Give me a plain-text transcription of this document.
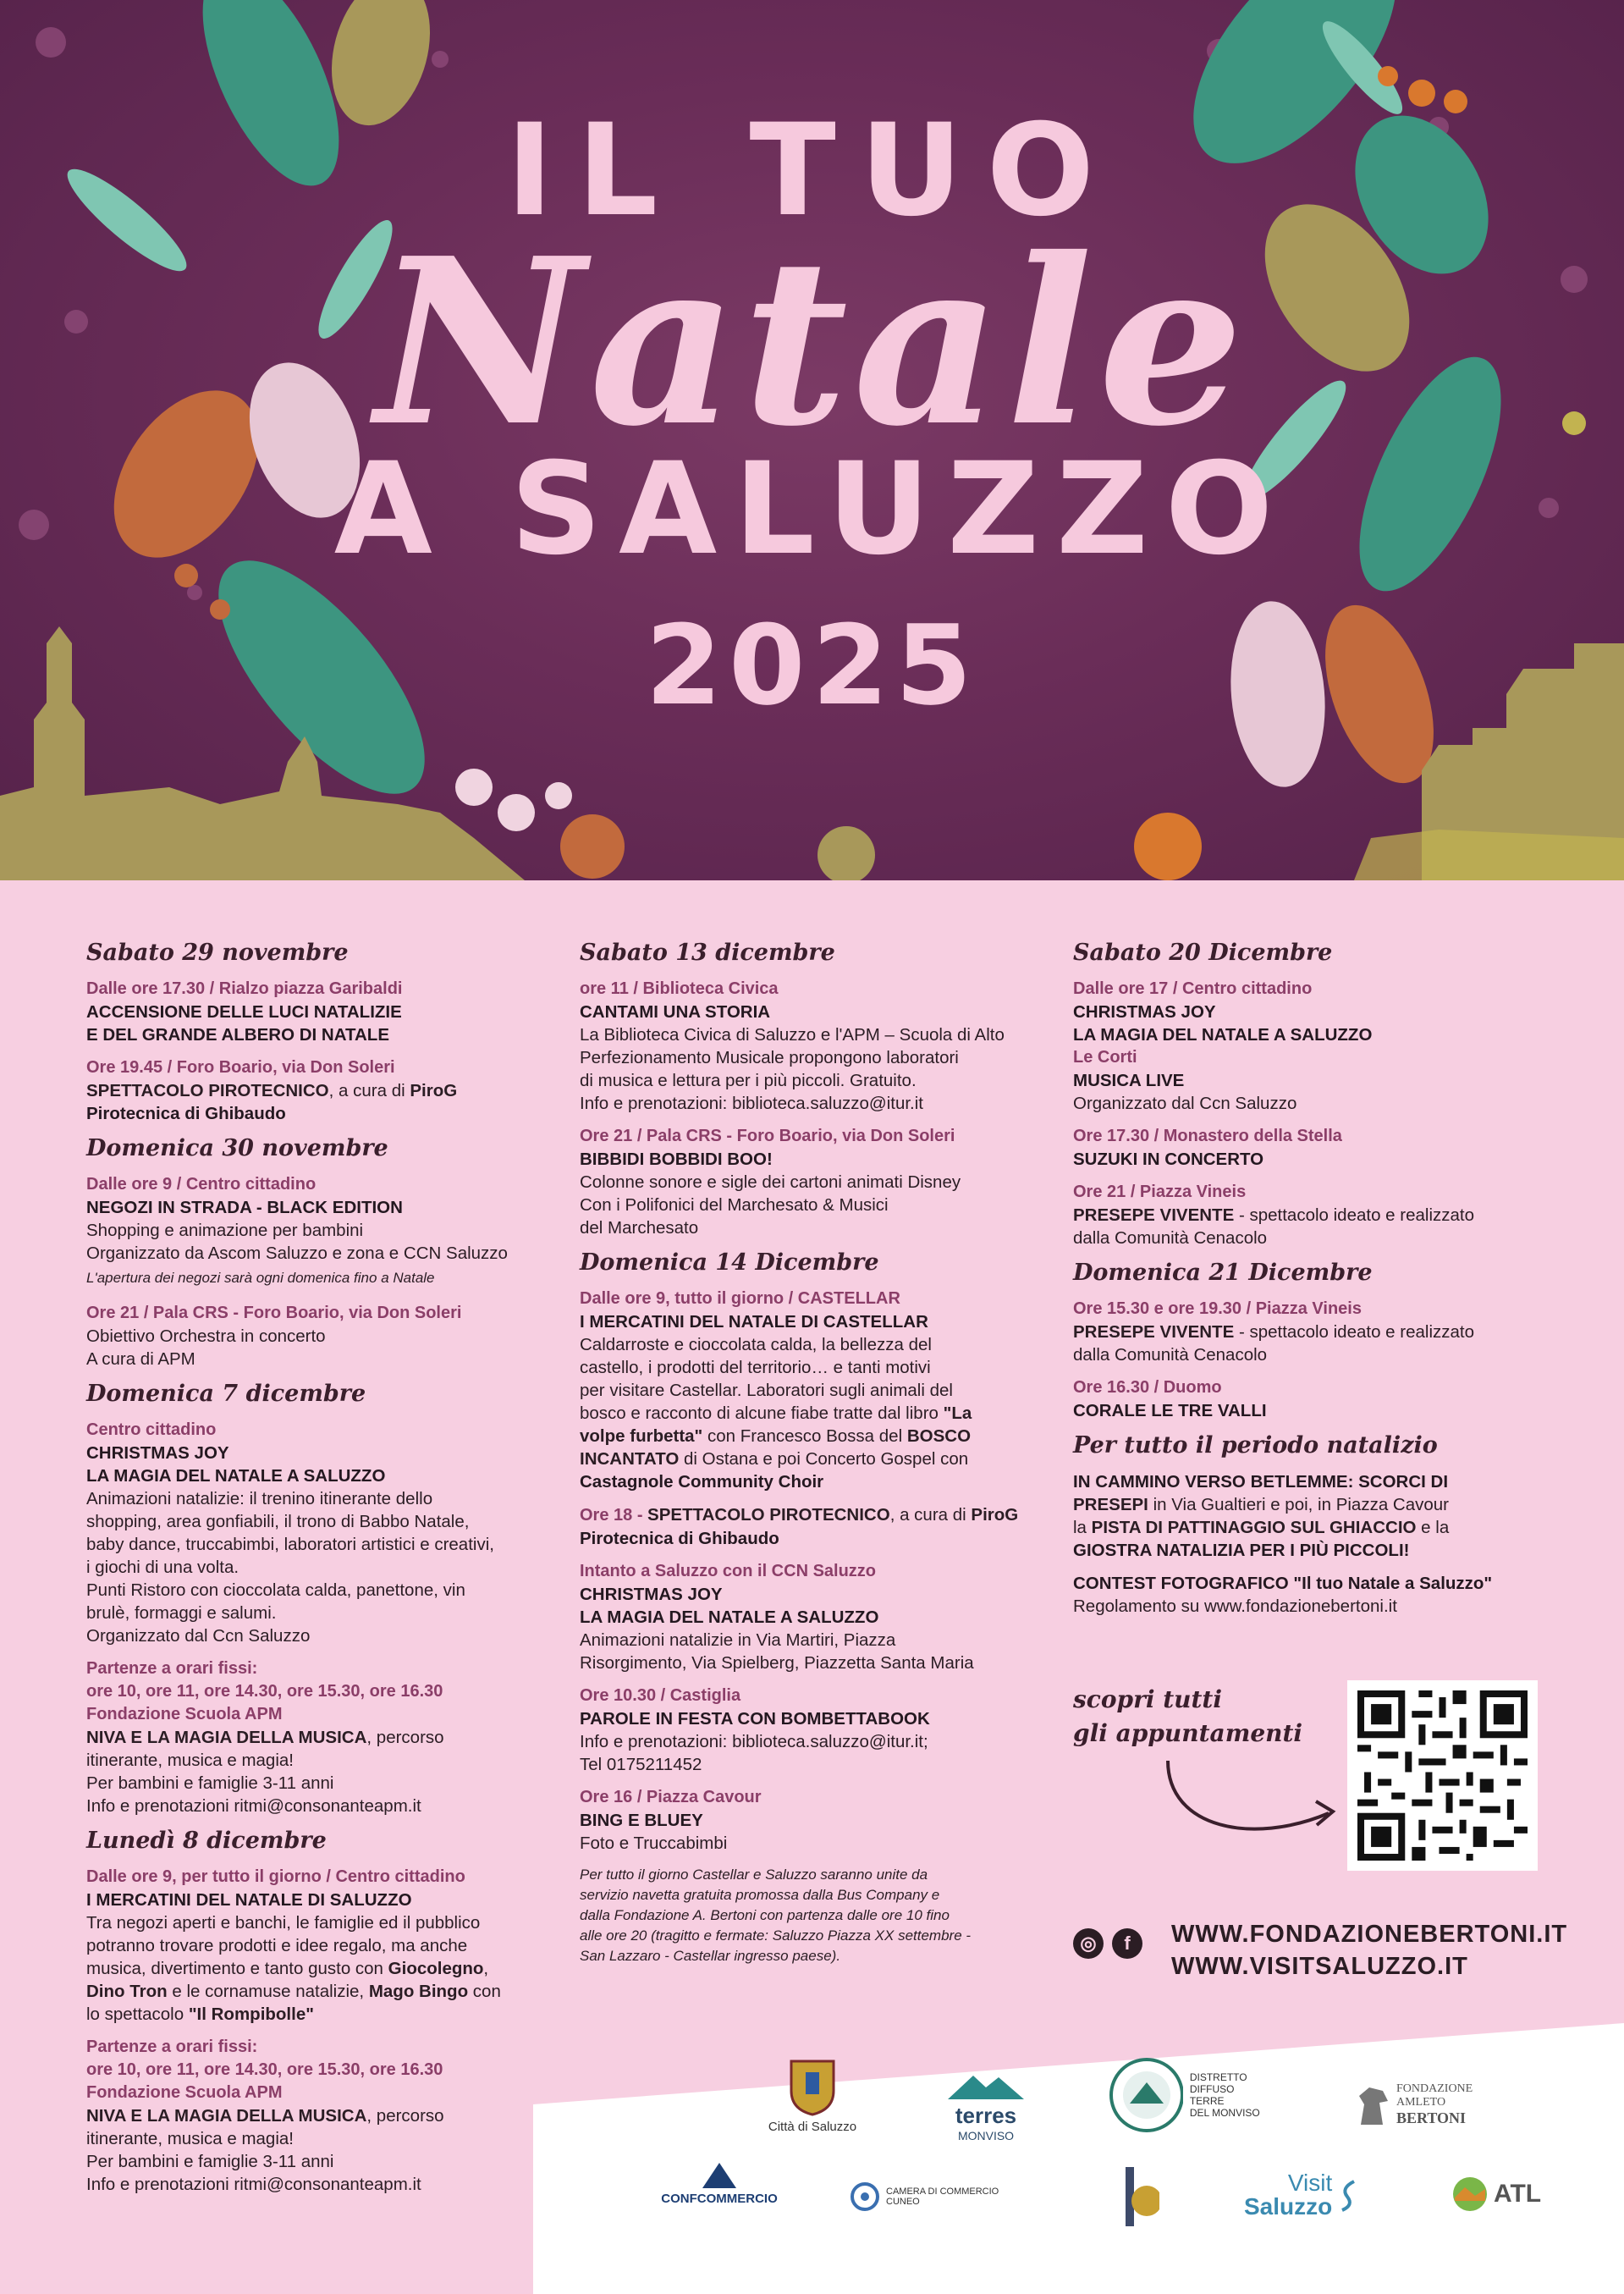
IL TUO
Natale
A SALUZZO
2025
Sabato 29 novembre
Dalle ore 17.30 / Rialzo piazza Garibaldi
ACCENSIONE DELLE LUCI NATALIZIE
E DEL GRANDE ALBERO DI NATALE
Ore 19.45 / Foro Boario, via Don Soleri
SPETTACOLO PIROTECNICO, a cura di PiroG
Pirotecnica di Ghibaudo
Domenica 30 novembre
Dalle ore 9 / Centro cittadino
NEGOZI IN STRADA - BLACK EDITION
Shopping e animazione per bambini
Organizzato da Ascom Saluzzo e zona e CCN Saluzzo
L'apertura dei negozi sarà ogni domenica fino a Natale
Ore 21 / Pala CRS - Foro Boario, via Don Soleri
Obiettivo Orchestra in concerto
A cura di APM
Domenica 7 dicembre
Centro cittadino
CHRISTMAS JOY
LA MAGIA DEL NATALE A SALUZZO
Animazioni natalizie: il trenino itinerante dello
shopping, area gonfiabili, il trono di Babbo Natale,
baby dance, truccabimbi, laboratori artistici e creativi,
i giochi di una volta.
Punti Ristoro con cioccolata calda, panettone, vin
brulè, formaggi e salumi.
Organizzato dal Ccn Saluzzo
Partenze a orari fissi:
ore 10, ore 11, ore 14.30, ore 15.30, ore 16.30
Fondazione Scuola APM
NIVA E LA MAGIA DELLA MUSICA, percorso
itinerante, musica e magia!
Per bambini e famiglie 3-11 anni
Info e prenotazioni ritmi@consonanteapm.it
Lunedì 8 dicembre
Dalle ore 9, per tutto il giorno / Centro cittadino
I MERCATINI DEL NATALE DI SALUZZO
Tra negozi aperti e banchi, le famiglie ed il pubblico
potranno trovare prodotti e idee regalo, ma anche
musica, divertimento e tanto gusto con Giocolegno,
Dino Tron e le cornamuse natalizie, Mago Bingo con
lo spettacolo "Il Rompibolle"
Partenze a orari fissi:
ore 10, ore 11, ore 14.30, ore 15.30, ore 16.30
Fondazione Scuola APM
NIVA E LA MAGIA DELLA MUSICA, percorso
itinerante, musica e magia!
Per bambini e famiglie 3-11 anni
Info e prenotazioni ritmi@consonanteapm.it
Sabato 13 dicembre
ore 11 / Biblioteca Civica
CANTAMI UNA STORIA
La Biblioteca Civica di Saluzzo e l'APM – Scuola di Alto
Perfezionamento Musicale propongono laboratori
di musica e lettura per i più piccoli. Gratuito.
Info e prenotazioni: biblioteca.saluzzo@itur.it
Ore 21 / Pala CRS - Foro Boario, via Don Soleri
BIBBIDI BOBBIDI BOO!
Colonne sonore e sigle dei cartoni animati Disney
Con i Polifonici del Marchesato & Musici
del Marchesato
Domenica 14 Dicembre
Dalle ore 9, tutto il giorno / CASTELLAR
I MERCATINI DEL NATALE DI CASTELLAR
Caldarroste e cioccolata calda, la bellezza del
castello, i prodotti del territorio… e tanti motivi
per visitare Castellar. Laboratori sugli animali del
bosco e racconto di alcune fiabe tratte dal libro "La
volpe furbetta" con Francesco Bossa del BOSCO
INCANTATO di Ostana e poi Concerto Gospel con
Castagnole Community Choir
Ore 18 - SPETTACOLO PIROTECNICO, a cura di PiroG
Pirotecnica di Ghibaudo
Intanto a Saluzzo con il CCN Saluzzo
CHRISTMAS JOY
LA MAGIA DEL NATALE A SALUZZO
Animazioni natalizie in Via Martiri, Piazza
Risorgimento, Via Spielberg, Piazzetta Santa Maria
Ore 10.30 / Castiglia
PAROLE IN FESTA CON BOMBETTABOOK
Info e prenotazioni: biblioteca.saluzzo@itur.it;
Tel 0175211452
Ore 16 / Piazza Cavour
BING E BLUEY
Foto e Truccabimbi
Per tutto il giorno Castellar e Saluzzo saranno unite da
servizio navetta gratuita promossa dalla Bus Company e
dalla Fondazione A. Bertoni con partenza dalle ore 10 fino
alle ore 20 (tragitto e fermate: Saluzzo Piazza XX settembre -
San Lazzaro - Castellar ingresso paese).
Sabato 20 Dicembre
Dalle ore 17 / Centro cittadino
CHRISTMAS JOY
LA MAGIA DEL NATALE A SALUZZO
Le Corti
MUSICA LIVE
Organizzato dal Ccn Saluzzo
Ore 17.30 / Monastero della Stella
SUZUKI IN CONCERTO
Ore 21 / Piazza Vineis
PRESEPE VIVENTE - spettacolo ideato e realizzato
dalla Comunità Cenacolo
Domenica 21 Dicembre
Ore 15.30 e ore 19.30 / Piazza Vineis
PRESEPE VIVENTE - spettacolo ideato e realizzato
dalla Comunità Cenacolo
Ore 16.30 / Duomo
CORALE LE TRE VALLI
Per tutto il periodo natalizio
IN CAMMINO VERSO BETLEMME: SCORCI DI
PRESEPI in Via Gualtieri e poi, in Piazza Cavour
la PISTA DI PATTINAGGIO SUL GHIACCIO e la
GIOSTRA NATALIZIA PER I PIÙ PICCOLI!
CONTEST FOTOGRAFICO "Il tuo Natale a Saluzzo"
Regolamento su www.fondazionebertoni.it
scopri tutti
gli appuntamenti
◎	f	WWW.FONDAZIONEBERTONI.IT
WWW.VISITSALUZZO.IT
Città di Saluzzo	terres
MONVISO
DISTRETTO
DIFFUSO TERRE
DEL MONVISO
FONDAZIONE
AMLETO
BERTONI
CONFCOMMERCIO	CAMERA DI COMMERCIO
CUNEO
Visit
Saluzzo	ATL
